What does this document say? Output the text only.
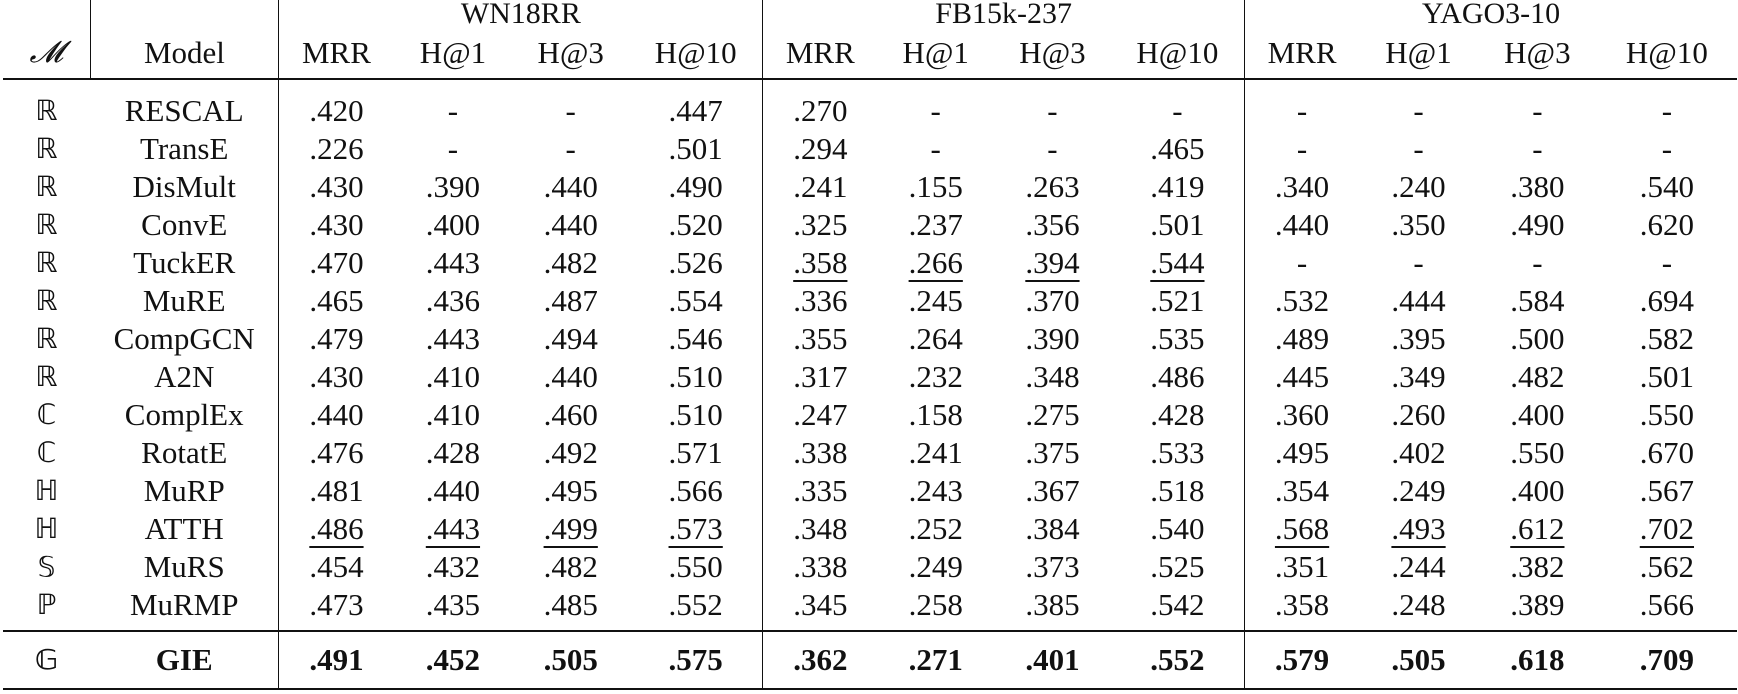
		WN18RR				FB15k-237				YAGO3-10			
𝓜	Model	MRR	H@1	H@3	H@10	MRR	H@1	H@3	H@10	MRR	H@1	H@3	H@10
ℝ	RESCAL	.420	-	-	.447	.270	-	-	-	-	-	-	-
ℝ	TransE	.226	-	-	.501	.294	-	-	.465	-	-	-	-
ℝ	DisMult	.430	.390	.440	.490	.241	.155	.263	.419	.340	.240	.380	.540
ℝ	ConvE	.430	.400	.440	.520	.325	.237	.356	.501	.440	.350	.490	.620
ℝ	TuckER	.470	.443	.482	.526	.358	.266	.394	.544	-	-	-	-
ℝ	MuRE	.465	.436	.487	.554	.336	.245	.370	.521	.532	.444	.584	.694
ℝ	CompGCN	.479	.443	.494	.546	.355	.264	.390	.535	.489	.395	.500	.582
ℝ	A2N	.430	.410	.440	.510	.317	.232	.348	.486	.445	.349	.482	.501
ℂ	ComplEx	.440	.410	.460	.510	.247	.158	.275	.428	.360	.260	.400	.550
ℂ	RotatE	.476	.428	.492	.571	.338	.241	.375	.533	.495	.402	.550	.670
ℍ	MuRP	.481	.440	.495	.566	.335	.243	.367	.518	.354	.249	.400	.567
ℍ	ATTH	.486	.443	.499	.573	.348	.252	.384	.540	.568	.493	.612	.702
𝕊	MuRS	.454	.432	.482	.550	.338	.249	.373	.525	.351	.244	.382	.562
ℙ	MuRMP	.473	.435	.485	.552	.345	.258	.385	.542	.358	.248	.389	.566
𝔾	GIE	.491	.452	.505	.575	.362	.271	.401	.552	.579	.505	.618	.709
